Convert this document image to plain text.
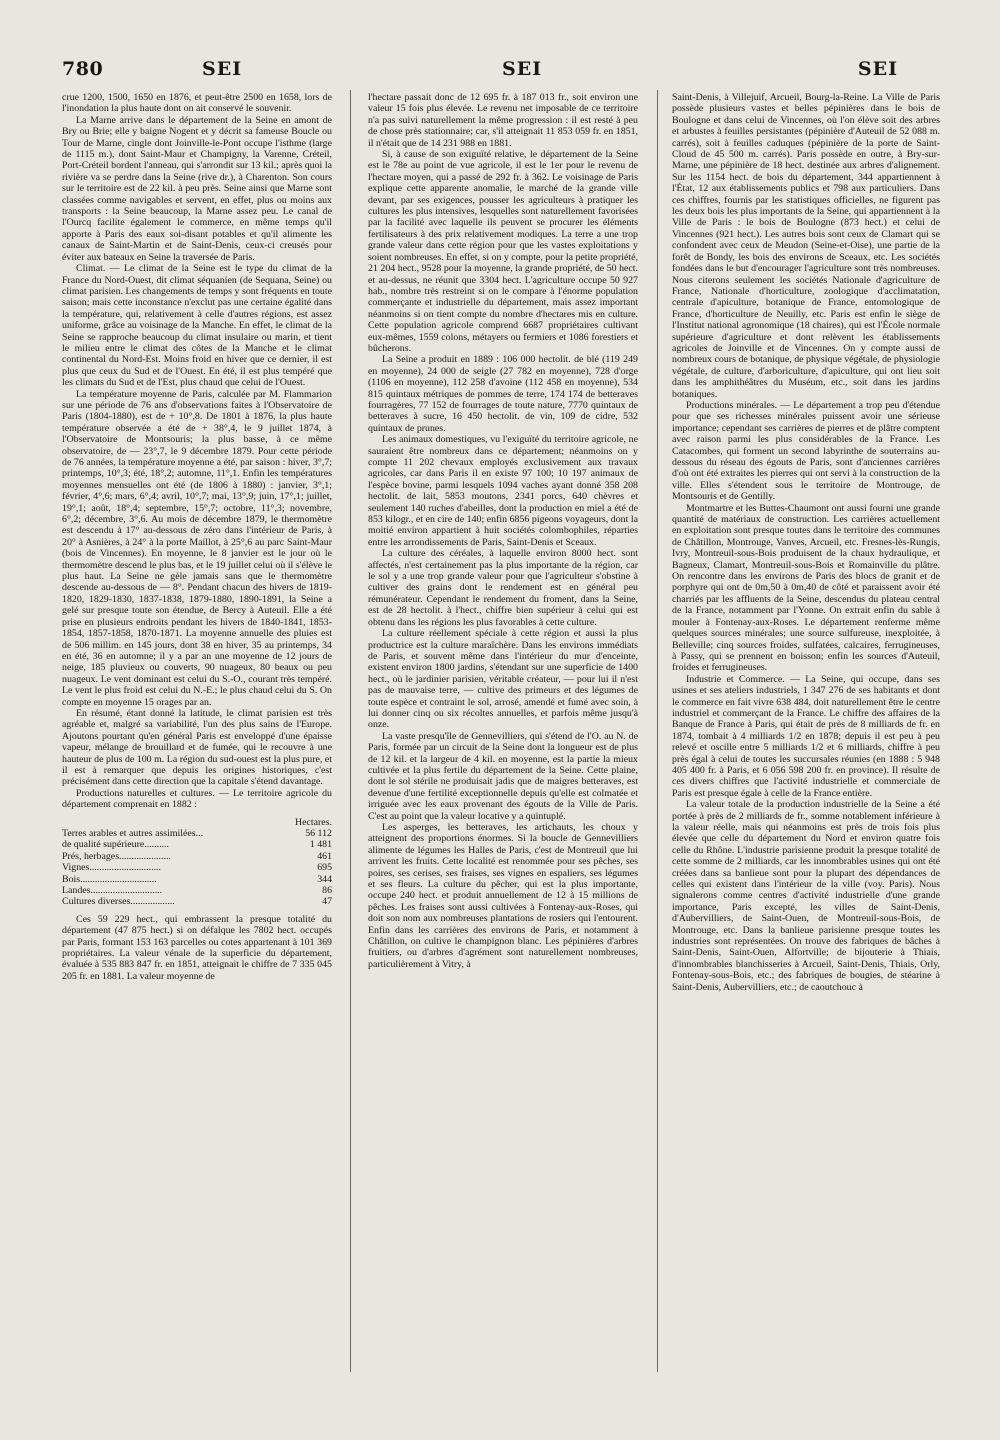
780	SEI	SEI	SEI

crue 1200, 1500, 1650 en 1876, et peut-être 2500 en 1658, lors de l'inondation la plus haute dont on ait conservé le souvenir.

La Marne arrive dans le département de la Seine en amont de Bry ou Brie; elle y baigne Nogent et y décrit sa fameuse Boucle ou Tour de Marne, cingle dont Joinville-le-Pont occupe l'isthme (large de 1115 m.), dont Saint-Maur et Champigny, la Varenne, Créteil, Port-Créteil bordent l'anneau, qui s'arrondit sur 13 kil.; après quoi la rivière va se perdre dans la Seine (rive dr.), à Charenton. Son cours sur le territoire est de 22 kil. à peu près. Seine ainsi que Marne sont classées comme navigables et servent, en effet, plus ou moins aux transports : la Seine beaucoup, la Marne assez peu. Le canal de l'Ourcq facilite également le commerce, en même temps qu'il apporte à Paris des eaux soi-disant potables et qu'il alimente les canaux de Saint-Martin et de Saint-Denis, ceux-ci creusés pour éviter aux bateaux en Seine la traversée de Paris.

Climat. — Le climat de la Seine est le type du climat de la France du Nord-Ouest, dit climat séquanien (de Sequana, Seine) ou climat parisien. Les changements de temps y sont fréquents en toute saison; mais cette inconstance n'exclut pas une certaine égalité dans la température, qui, relativement à celle d'autres régions, est assez uniforme, grâce au voisinage de la Manche. En effet, le climat de la Seine se rapproche beaucoup du climat insulaire ou marin, et tient le milieu entre le climat des côtes de la Manche et le climat continental du Nord-Est. Moins froid en hiver que ce dernier, il est plus que ceux du Sud et de l'Ouest. En été, il est plus tempéré que les climats du Sud et de l'Est, plus chaud que celui de l'Ouest.

La température moyenne de Paris, calculée par M. Flammarion sur une période de 76 ans d'observations faites à l'Observatoire de Paris (1804-1880), est de + 10°,8. De 1801 à 1876, la plus haute température observée a été de + 38°,4, le 9 juillet 1874, à l'Observatoire de Montsouris; la plus basse, à ce même observatoire, de — 23°,7, le 9 décembre 1879. Pour cette période de 76 années, la température moyenne a été, par saison : hiver, 3°,7; printemps, 10°,3; été, 18°,2; automne, 11°,1. Enfin les températures moyennes mensuelles ont été (de 1806 à 1880) : janvier, 3°,1; février, 4°,6; mars, 6°,4; avril, 10°,7; mai, 13°,9; juin, 17°,1; juillet, 19°,1; août, 18°,4; septembre, 15°,7; octobre, 11°,3; novembre, 6°,2; décembre, 3°,6. Au mois de décembre 1879, le thermomètre est descendu à 17° au-dessous de zéro dans l'intérieur de Paris, à 20° à Asnières, à 24° à la porte Maillot, à 25°,6 au parc Saint-Maur (bois de Vincennes). En moyenne, le 8 janvier est le jour où le thermomètre descend le plus bas, et le 19 juillet celui où il s'élève le plus haut. La Seine ne gèle jamais sans que le thermomètre descende au-dessous de — 8°. Pendant chacun des hivers de 1819-1820, 1829-1830, 1837-1838, 1879-1880, 1890-1891, la Seine a gelé sur presque toute son étendue, de Bercy à Auteuil. Elle a été prise en plusieurs endroits pendant les hivers de 1840-1841, 1853-1854, 1857-1858, 1870-1871. La moyenne annuelle des pluies est de 506 millim. en 145 jours, dont 38 en hiver, 35 au printemps, 34 en été, 36 en automne; il y a par an une moyenne de 12 jours de neige, 185 pluvieux ou couverts, 90 nuageux, 80 beaux ou peu nuageux. Le vent dominant est celui du S.-O., courant très tempéré. Le vent le plus froid est celui du N.-E.; le plus chaud celui du S. On compte en moyenne 15 orages par an.

En résumé, étant donné la latitude, le climat parisien est très agréable et, malgré sa variabilité, l'un des plus sains de l'Europe. Ajoutons pourtant qu'en général Paris est enveloppé d'une épaisse vapeur, mélange de brouillard et de fumée, qui le recouvre à une hauteur de plus de 100 m. La région du sud-ouest est la plus pure, et il est à remarquer que depuis les origines historiques, c'est précisément dans cette direction que la capitale s'étend davantage.

Productions naturelles et cultures. — Le territoire agricole du département comprenait en 1882 :

Hectares.
Terres arables et autres assimilées...	56 112
de qualité supérieure..........	1 481
Prés, herbages.....................	461
Vignes.............................	695
Bois...............................	344
Landes.............................	86
Cultures diverses..................	47

Ces 59 229 hect., qui embrassent la presque totalité du département (47 875 hect.) si on défalque les 7802 hect. occupés par Paris, formant 153 163 parcelles ou cotes appartenant à 101 369 propriétaires. La valeur vénale de la superficie du département, évaluée à 535 883 847 fr. en 1851, atteignait le chiffre de 7 335 045 205 fr. en 1881. La valeur moyenne de

l'hectare passait donc de 12 695 fr. à 187 013 fr., soit environ une valeur 15 fois plus élevée. Le revenu net imposable de ce territoire n'a pas suivi naturellement la même progression : il est resté à peu de chose près stationnaire; car, s'il atteignait 11 853 059 fr. en 1851, il n'était que de 14 231 988 en 1881.

Si, à cause de son exiguïté relative, le département de la Seine est le 78e au point de vue agricole, il est le 1er pour le revenu de l'hectare moyen, qui a passé de 292 fr. à 362. Le voisinage de Paris explique cette apparente anomalie, le marché de la grande ville devant, par ses exigences, pousser les agriculteurs à pratiquer les cultures les plus intensives, lesquelles sont naturellement favorisées par la facilité avec laquelle ils peuvent se procurer les éléments fertilisateurs à des prix relativement modiques. La terre a une trop grande valeur dans cette région pour que les vastes exploitations y soient nombreuses. En effet, si on y compte, pour la petite propriété, 21 204 hect., 9528 pour la moyenne, la grande propriété, de 50 hect. et au-dessus, ne réunit que 3304 hect. L'agriculture occupe 50 927 hab., nombre très restreint si on le compare à l'énorme population commerçante et industrielle du département, mais assez important néanmoins si on tient compte du nombre d'hectares mis en culture. Cette population agricole comprend 6687 propriétaires cultivant eux-mêmes, 1559 colons, métayers ou fermiers et 1086 forestiers et bûcherons.

La Seine a produit en 1889 : 106 000 hectolit. de blé (119 249 en moyenne), 24 000 de seigle (27 782 en moyenne), 728 d'orge (1106 en moyenne), 112 258 d'avoine (112 458 en moyenne), 534 815 quintaux métriques de pommes de terre, 174 174 de betteraves fourragères, 77 152 de fourrages de toute nature, 7770 quintaux de betteraves à sucre, 16 450 hectolit. de vin, 109 de cidre, 532 quintaux de prunes.

Les animaux domestiques, vu l'exiguïté du territoire agricole, ne sauraient être nombreux dans ce département; néanmoins on y compte 11 202 chevaux employés exclusivement aux travaux agricoles, car dans Paris il en existe 97 100; 10 197 animaux de l'espèce bovine, parmi lesquels 1094 vaches ayant donné 358 208 hectolit. de lait, 5853 moutons, 2341 porcs, 640 chèvres et seulement 140 ruches d'abeilles, dont la production en miel a été de 853 kilogr., et en cire de 140; enfin 6856 pigeons voyageurs, dont la moitié environ appartient à huit sociétés colombophiles, réparties entre les arrondissements de Paris, Saint-Denis et Sceaux.

La culture des céréales, à laquelle environ 8000 hect. sont affectés, n'est certainement pas la plus importante de la région, car le sol y a une trop grande valeur pour que l'agriculteur s'obstine à cultiver des grains dont le rendement est en général peu rémunérateur. Cependant le rendement du froment, dans la Seine, est de 28 hectolit. à l'hect., chiffre bien supérieur à celui qui est obtenu dans les régions les plus favorables à cette culture.

La culture réellement spéciale à cette région et aussi la plus productrice est la culture maraîchère. Dans les environs immédiats de Paris, et souvent même dans l'intérieur du mur d'enceinte, existent environ 1800 jardins, s'étendant sur une superficie de 1400 hect., où le jardinier parisien, véritable créateur, — pour lui il n'est pas de mauvaise terre, — cultive des primeurs et des légumes de toute espèce et contraint le sol, arrosé, amendé et fumé avec soin, à lui donner cinq ou six récoltes annuelles, et parfois même jusqu'à onze.

La vaste presqu'île de Gennevilliers, qui s'étend de l'O. au N. de Paris, formée par un circuit de la Seine dont la longueur est de plus de 12 kil. et la largeur de 4 kil. en moyenne, est la partie la mieux cultivée et la plus fertile du département de la Seine. Cette plaine, dont le sol stérile ne produisait jadis que de maigres betteraves, est devenue d'une fertilité exceptionnelle depuis qu'elle est colmatée et irriguée avec les eaux provenant des égouts de la Ville de Paris. C'est au point que la valeur locative y a quintuplé.

Les asperges, les betteraves, les artichauts, les choux y atteignent des proportions énormes. Si la boucle de Gennevilliers alimente de légumes les Halles de Paris, c'est de Montreuil que lui arrivent les fruits. Cette localité est renommée pour ses pêches, ses poires, ses cerises, ses fraises, ses vignes en espaliers, ses légumes et ses fleurs. La culture du pêcher, qui est la plus importante, occupe 240 hect. et produit annuellement de 12 à 15 millions de pêches. Les fraises sont aussi cultivées à Fontenay-aux-Roses, qui doit son nom aux nombreuses plantations de rosiers qui l'entourent. Enfin dans les carrières des environs de Paris, et notamment à Châtillon, on cultive le champignon blanc. Les pépinières d'arbres fruitiers, ou d'arbres d'agrément sont naturellement nombreuses, particulièrement à Vitry, à

Saint-Denis, à Villejuif, Arcueil, Bourg-la-Reine. La Ville de Paris possède plusieurs vastes et belles pépinières dans le bois de Boulogne et dans celui de Vincennes, où l'on élève soit des arbres et arbustes à feuilles persistantes (pépinière d'Auteuil de 52 088 m. carrés), soit à feuilles caduques (pépinière de la porte de Saint-Cloud de 45 500 m. carrés). Paris possède en outre, à Bry-sur-Marne, une pépinière de 18 hect. destinée aux arbres d'alignement. Sur les 1154 hect. de bois du département, 344 appartiennent à l'État, 12 aux établissements publics et 798 aux particuliers. Dans ces chiffres, fournis par les statistiques officielles, ne figurent pas les deux bois les plus importants de la Seine, qui appartiennent à la Ville de Paris : le bois de Boulogne (873 hect.) et celui de Vincennes (921 hect.). Les autres bois sont ceux de Clamart qui se confondent avec ceux de Meudon (Seine-et-Oise), une partie de la forêt de Bondy, les bois des environs de Sceaux, etc. Les sociétés fondées dans le but d'encourager l'agriculture sont très nombreuses. Nous citerons seulement les sociétés Nationale d'agriculture de France, Nationale d'horticulture, zoologique d'acclimatation, centrale d'apiculture, botanique de France, entomologique de France, d'horticulture de Neuilly, etc. Paris est enfin le siège de l'Institut national agronomique (18 chaires), qui est l'École normale supérieure d'agriculture et dont relèvent les établissements agricoles de Joinville et de Vincennes. On y compte aussi de nombreux cours de botanique, de physique végétale, de physiologie végétale, de culture, d'arboriculture, d'apiculture, qui ont lieu soit dans les amphithéâtres du Muséum, etc., soit dans les jardins botaniques.

Productions minérales. — Le département a trop peu d'étendue pour que ses richesses minérales puissent avoir une sérieuse importance; cependant ses carrières de pierres et de plâtre comptent avec raison parmi les plus considérables de la France. Les Catacombes, qui forment un second labyrinthe de souterrains au-dessous du réseau des égouts de Paris, sont d'anciennes carrières d'où ont été extraites les pierres qui ont servi à la construction de la ville. Elles s'étendent sous le territoire de Montrouge, de Montsouris et de Gentilly.

Montmartre et les Buttes-Chaumont ont aussi fourni une grande quantité de matériaux de construction. Les carrières actuellement en exploitation sont presque toutes dans le territoire des communes de Châtillon, Montrouge, Vanves, Arcueil, etc. Fresnes-lès-Rungis, Ivry, Montreuil-sous-Bois produisent de la chaux hydraulique, et Bagneux, Clamart, Montreuil-sous-Bois et Romainville du plâtre. On rencontre dans les environs de Paris des blocs de granit et de porphyre qui ont de 0m,50 à 0m,40 de côté et paraissent avoir été charriés par les affluents de la Seine, descendus du plateau central de la France, notamment par l'Yonne. On extrait enfin du sable à mouler à Fontenay-aux-Roses. Le département renferme même quelques sources minérales; une source sulfureuse, inexploitée, à Belleville; cinq sources froides, sulfatées, calcaires, ferrugineuses, à Passy, qui se prennent en boisson; enfin les sources d'Auteuil, froides et ferrugineuses.

Industrie et Commerce. — La Seine, qui occupe, dans ses usines et ses ateliers industriels, 1 347 276 de ses habitants et dont le commerce en fait vivre 638 484, doit naturellement être le centre industriel et commerçant de la France. Le chiffre des affaires de la Banque de France à Paris, qui était de près de 8 milliards de fr. en 1874, tombait à 4 milliards 1/2 en 1878; depuis il est peu à peu relevé et oscille entre 5 milliards 1/2 et 6 milliards, chiffre à peu près égal à celui de toutes les succursales réunies (en 1888 : 5 948 405 400 fr. à Paris, et 6 056 598 200 fr. en province). Il résulte de ces divers chiffres que l'activité industrielle et commerciale de Paris est presque égale à celle de la France entière.

La valeur totale de la production industrielle de la Seine a été portée à près de 2 milliards de fr., somme notablement inférieure à la valeur réelle, mais qui néanmoins est près de trois fois plus élevée que celle du département du Nord et environ quatre fois celle du Rhône. L'industrie parisienne produit la presque totalité de cette somme de 2 milliards, car les innombrables usines qui ont été créées dans sa banlieue sont pour la plupart des dépendances de celles qui existent dans l'intérieur de la ville (voy. Paris). Nous signalerons comme centres d'activité industrielle d'une grande importance, Paris excepté, les villes de Saint-Denis, d'Aubervilliers, de Saint-Ouen, de Montreuil-sous-Bois, de Montrouge, etc. Dans la banlieue parisienne presque toutes les industries sont représentées. On trouve des fabriques de bâches à Saint-Denis, Saint-Ouen, Alfortville; de bijouterie à Thiais, d'innombrables blanchisseries à Arcueil, Saint-Denis, Thiais, Orly, Fontenay-sous-Bois, etc.; des fabriques de bougies, de stéarine à Saint-Denis, Aubervilliers, etc.; de caoutchouc à
